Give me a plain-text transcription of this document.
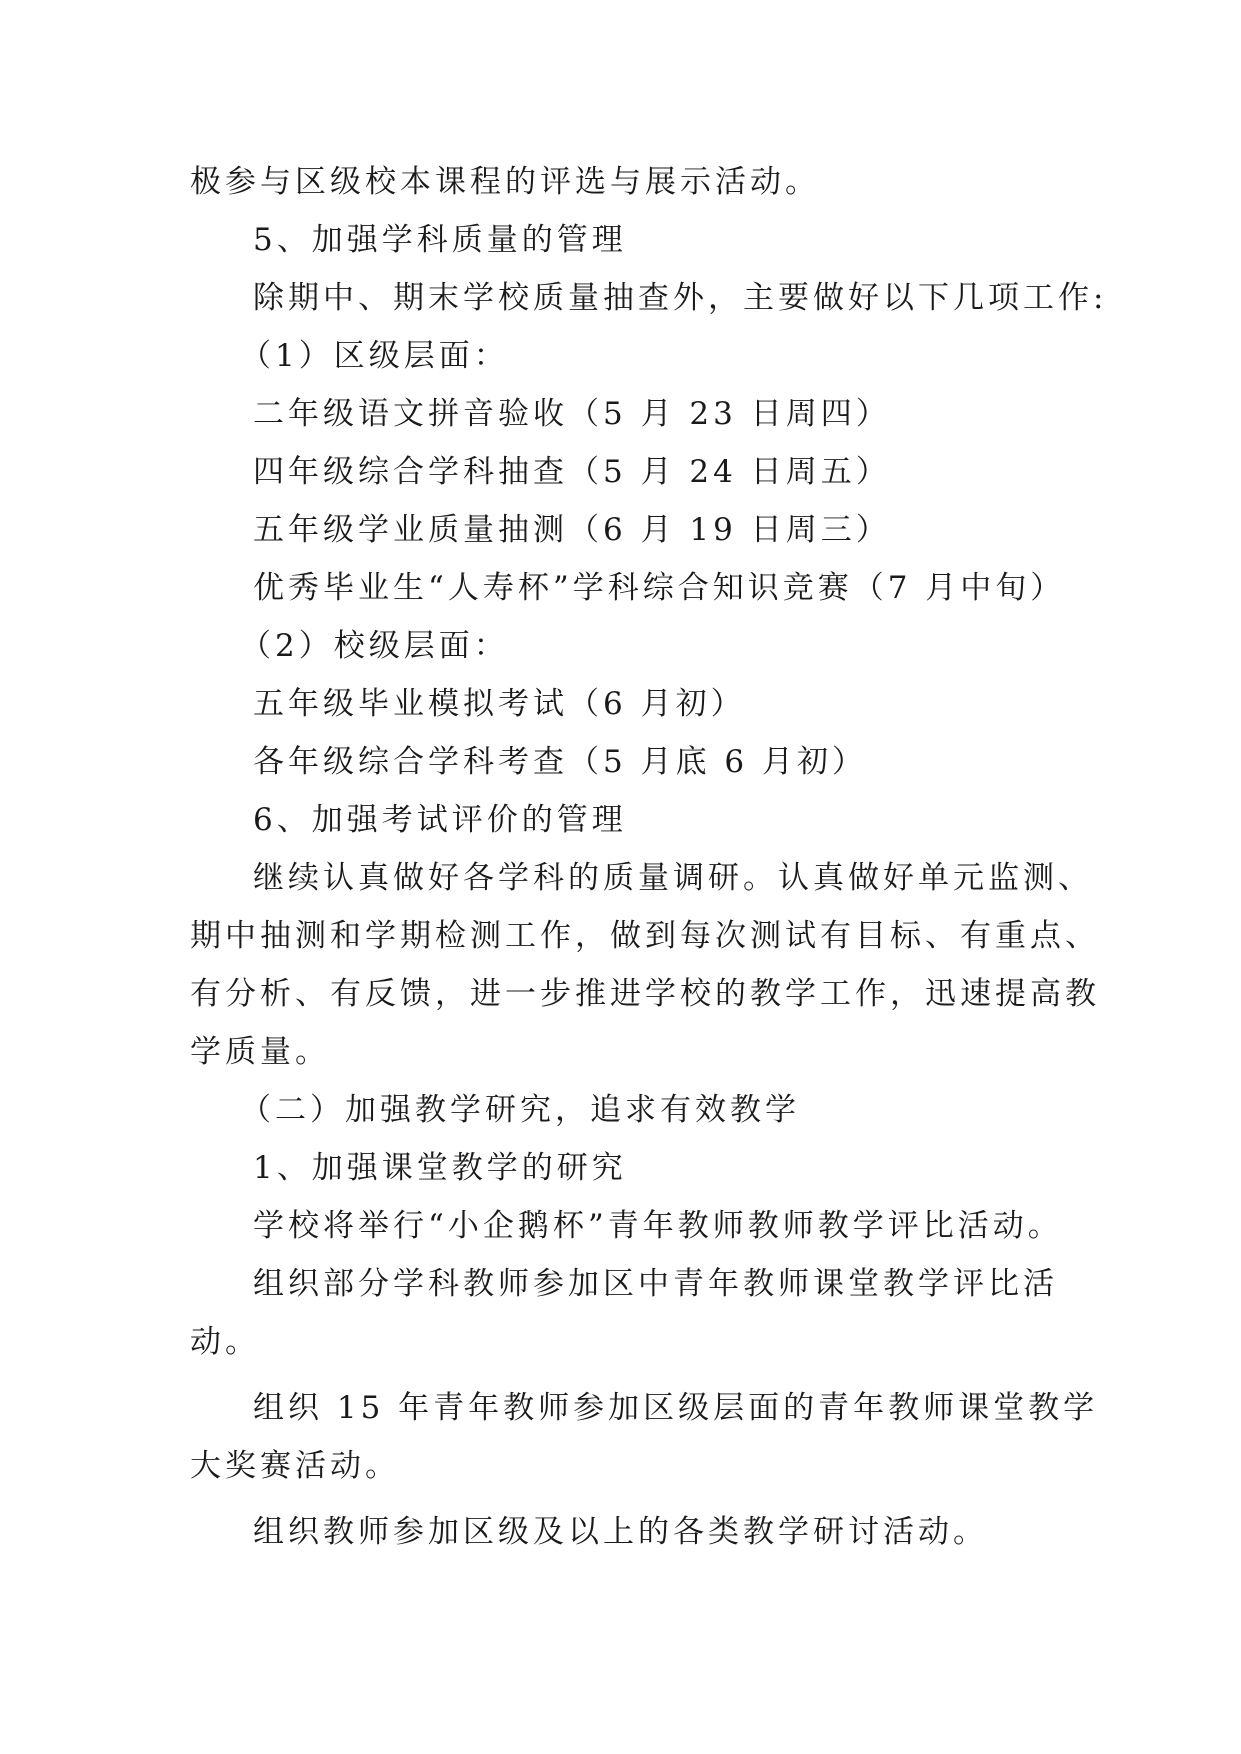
极参与区级校本课程的评选与展示活动。
5、加强学科质量的管理
除期中、期末学校质量抽查外，主要做好以下几项工作:
（1）区级层面：
二年级语文拼音验收（5 月 23 日周四）
四年级综合学科抽查（5 月 24 日周五）
五年级学业质量抽测（6 月 19 日周三）
优秀毕业生“人寿杯”学科综合知识竞赛（7 月中旬）
（2）校级层面：
五年级毕业模拟考试（6 月初）
各年级综合学科考查（5 月底 6 月初）
6、加强考试评价的管理
继续认真做好各学科的质量调研。认真做好单元监测、
期中抽测和学期检测工作，做到每次测试有目标、有重点、
有分析、有反馈，进一步推进学校的教学工作，迅速提高教
学质量。
（二）加强教学研究，追求有效教学
1、加强课堂教学的研究
学校将举行“小企鹅杯”青年教师教师教学评比活动。
组织部分学科教师参加区中青年教师课堂教学评比活
动。
组织 15 年青年教师参加区级层面的青年教师课堂教学
大奖赛活动。
组织教师参加区级及以上的各类教学研讨活动。
